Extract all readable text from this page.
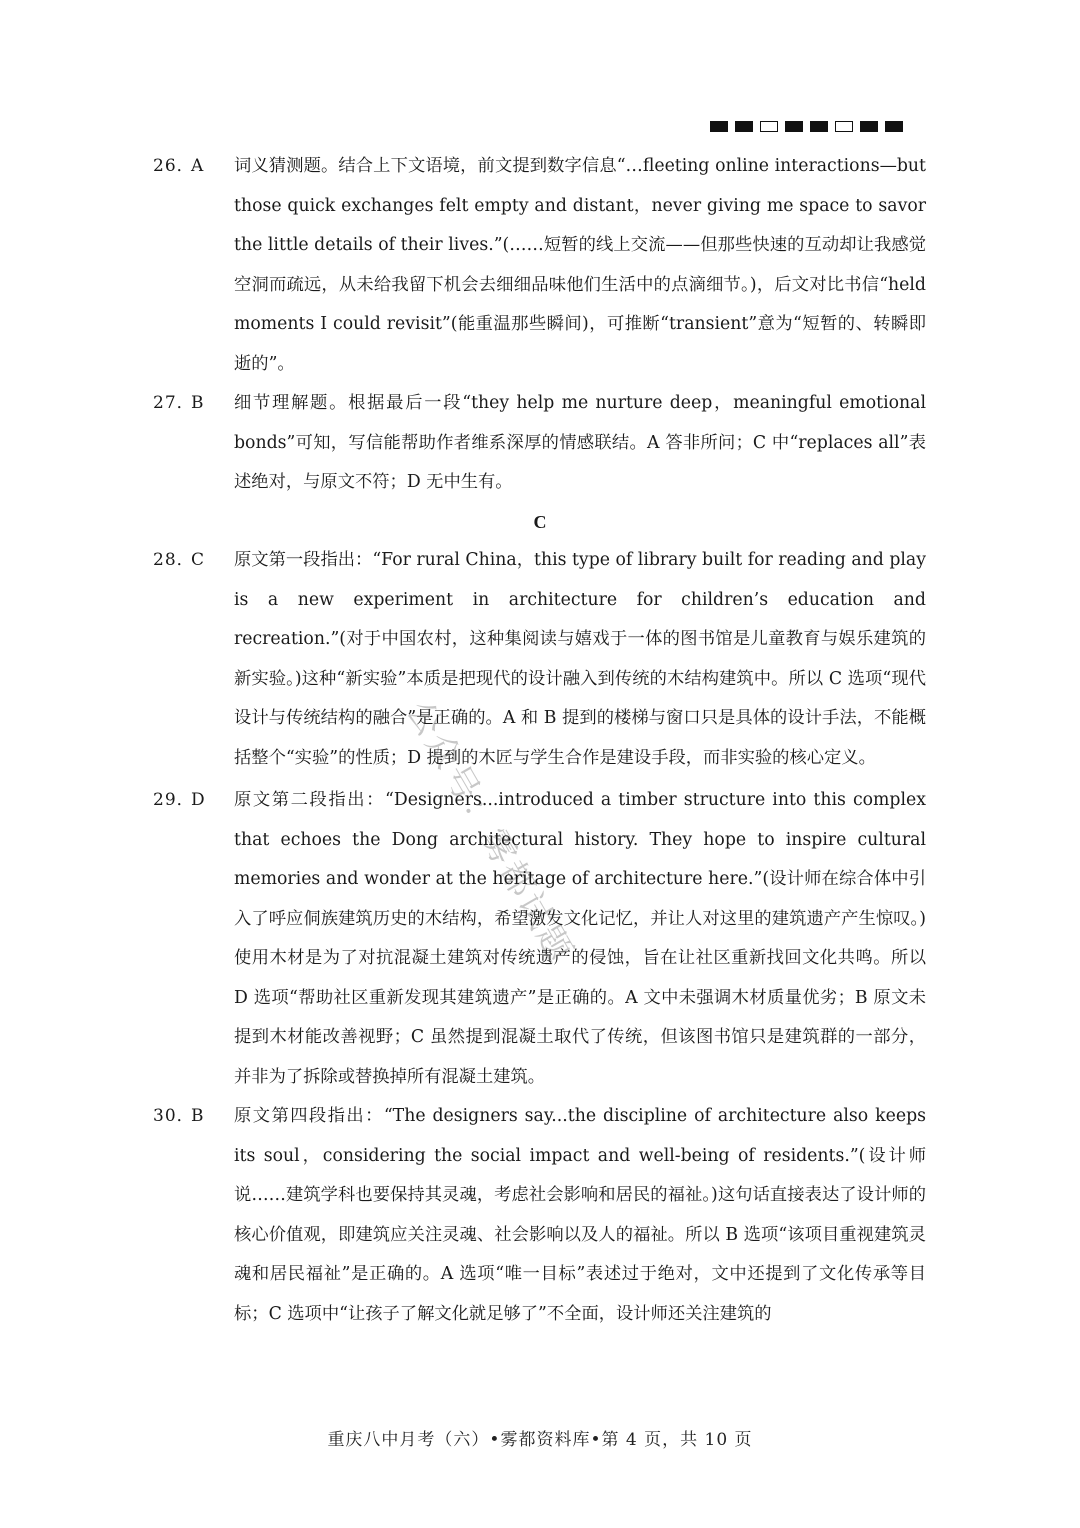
26．
A 词义猜测题。结合上下文语境，前文提到数字信息“…fleeting online interactions—but those quick exchanges felt empty and distant，never giving me space to savor the little details of their lives.”(……短暂的线上交流——但那些快速的互动却让我感觉空洞而疏远，从未给我留下机会去细细品味他们生活中的点滴细节。)，后文对比书信“held moments I could revisit”(能重温那些瞬间)，可推断“transient”意为“短暂的、转瞬即逝的”。
27．
B 细节理解题。根据最后一段“they help me nurture deep，meaningful emotional bonds”可知，写信能帮助作者维系深厚的情感联结。A 答非所问；C 中“replaces all”表述绝对，与原文不符；D 无中生有。
C
28．
C 原文第一段指出：“For rural China，this type of library built for reading and play is a new experiment in architecture for children’s education and recreation.”(对于中国农村，这种集阅读与嬉戏于一体的图书馆是儿童教育与娱乐建筑的新实验。)这种“新实验”本质是把现代的设计融入到传统的木结构建筑中。所以 C 选项“现代设计与传统结构的融合”是正确的。A 和 B 提到的楼梯与窗口只是具体的设计手法，不能概括整个“实验”的性质；D 提到的木匠与学生合作是建设手段，而非实验的核心定义。
29．
D 原文第二段指出：“Designers...introduced a timber structure into this complex that echoes the Dong architectural history. They hope to inspire cultural memories and wonder at the heritage of architecture here.”(设计师在综合体中引入了呼应侗族建筑历史的木结构，希望激发文化记忆，并让人对这里的建筑遗产产生惊叹。)使用木材是为了对抗混凝土建筑对传统遗产的侵蚀，旨在让社区重新找回文化共鸣。所以 D 选项“帮助社区重新发现其建筑遗产”是正确的。A 文中未强调木材质量优劣；B 原文未提到木材能改善视野；C 虽然提到混凝土取代了传统，但该图书馆只是建筑群的一部分，并非为了拆除或替换掉所有混凝土建筑。
30．
B 原文第四段指出：“The designers say...the discipline of architecture also keeps its soul，considering the social impact and well-being of residents.”(设计师说……建筑学科也要保持其灵魂，考虑社会影响和居民的福祉。)这句话直接表达了设计师的核心价值观，即建筑应关注灵魂、社会影响以及人的福祉。所以 B 选项“该项目重视建筑灵魂和居民福祉”是正确的。A 选项“唯一目标”表述过于绝对，文中还提到了文化传承等目标；C 选项中“让孩子了解文化就足够了”不全面，设计师还关注建筑的
公众号：雾都试题
重庆八中月考（六）•雾都资料库•第 4 页，共 10 页
